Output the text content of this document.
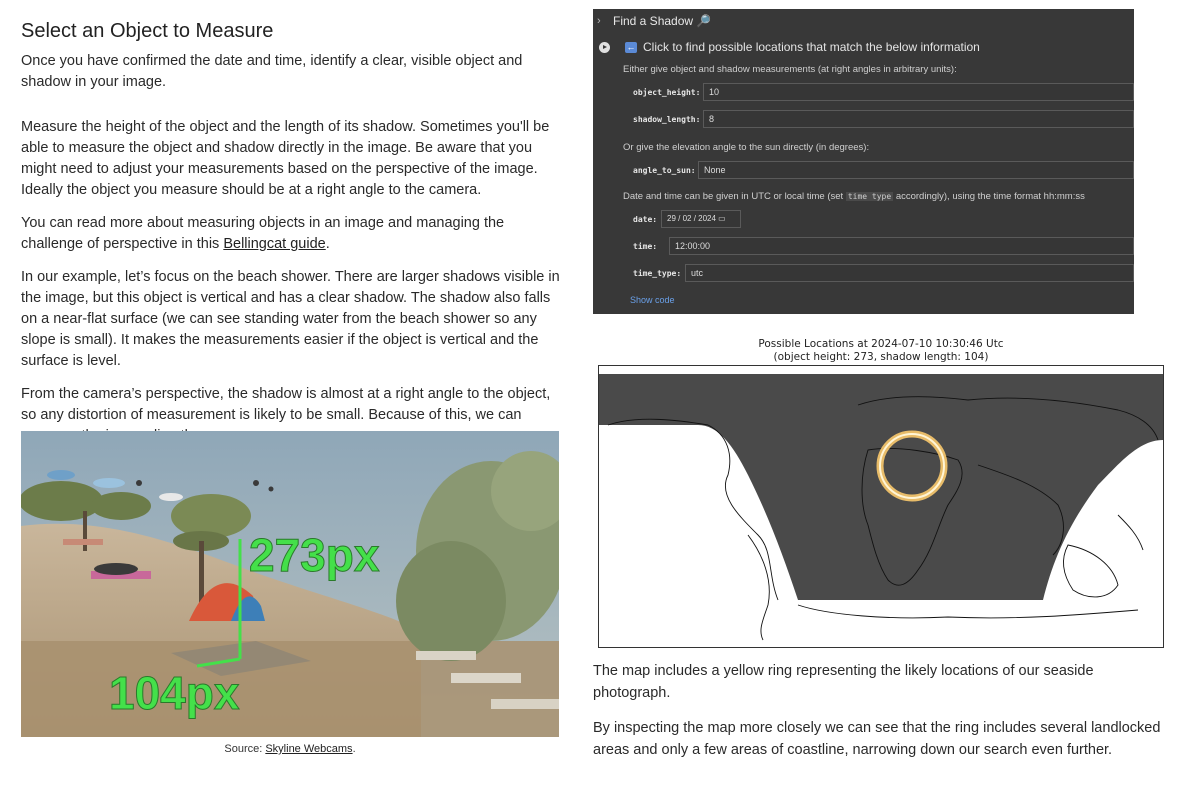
Select an Object to Measure

Once you have confirmed the date and time, identify a clear, visible object and shadow in your image.

Measure the height of the object and the length of its shadow. Sometimes you'll be able to measure the object and shadow directly in the image. Be aware that you might need to adjust your measurements based on the perspective of the image. Ideally the object you measure should be at a right angle to the camera.

You can read more about measuring objects in an image and managing the challenge of perspective in this Bellingcat guide.

In our example, let’s focus on the beach shower. There are larger shadows visible in the image, but this object is vertical and has a clear shadow. The shadow also falls on a near-flat surface (we can see standing water from the beach shower so any slope is small). It makes the measurements easier if the object is vertical and the surface is level.

From the camera’s perspective, the shadow is almost at a right angle to the object, so any distortion of measurement is likely to be small. Because of this, we can

273px
104px
Source: Skyline Webcams.
›	Find a Shadow 🔎
← Click to find possible locations that match the below information
Either give object and shadow measurements (at right angles in arbitrary units):
object_height: 10
shadow_length: 8
Or give the elevation angle to the sun directly (in degrees):
angle_to_sun: None
Date and time can be given in UTC or local time (set time type accordingly), using the time format hh:mm:ss
date:	29 / 02 / 2024 ▭
time:	12:00:00
time_type:	utc
Show code
Possible Locations at 2024-07-10 10:30:46 Utc
(object height: 273, shadow length: 104)

The map includes a yellow ring representing the likely locations of our seaside photograph.

By inspecting the map more closely we can see that the ring includes several landlocked areas and only a few areas of coastline, narrowing down our search even further.
